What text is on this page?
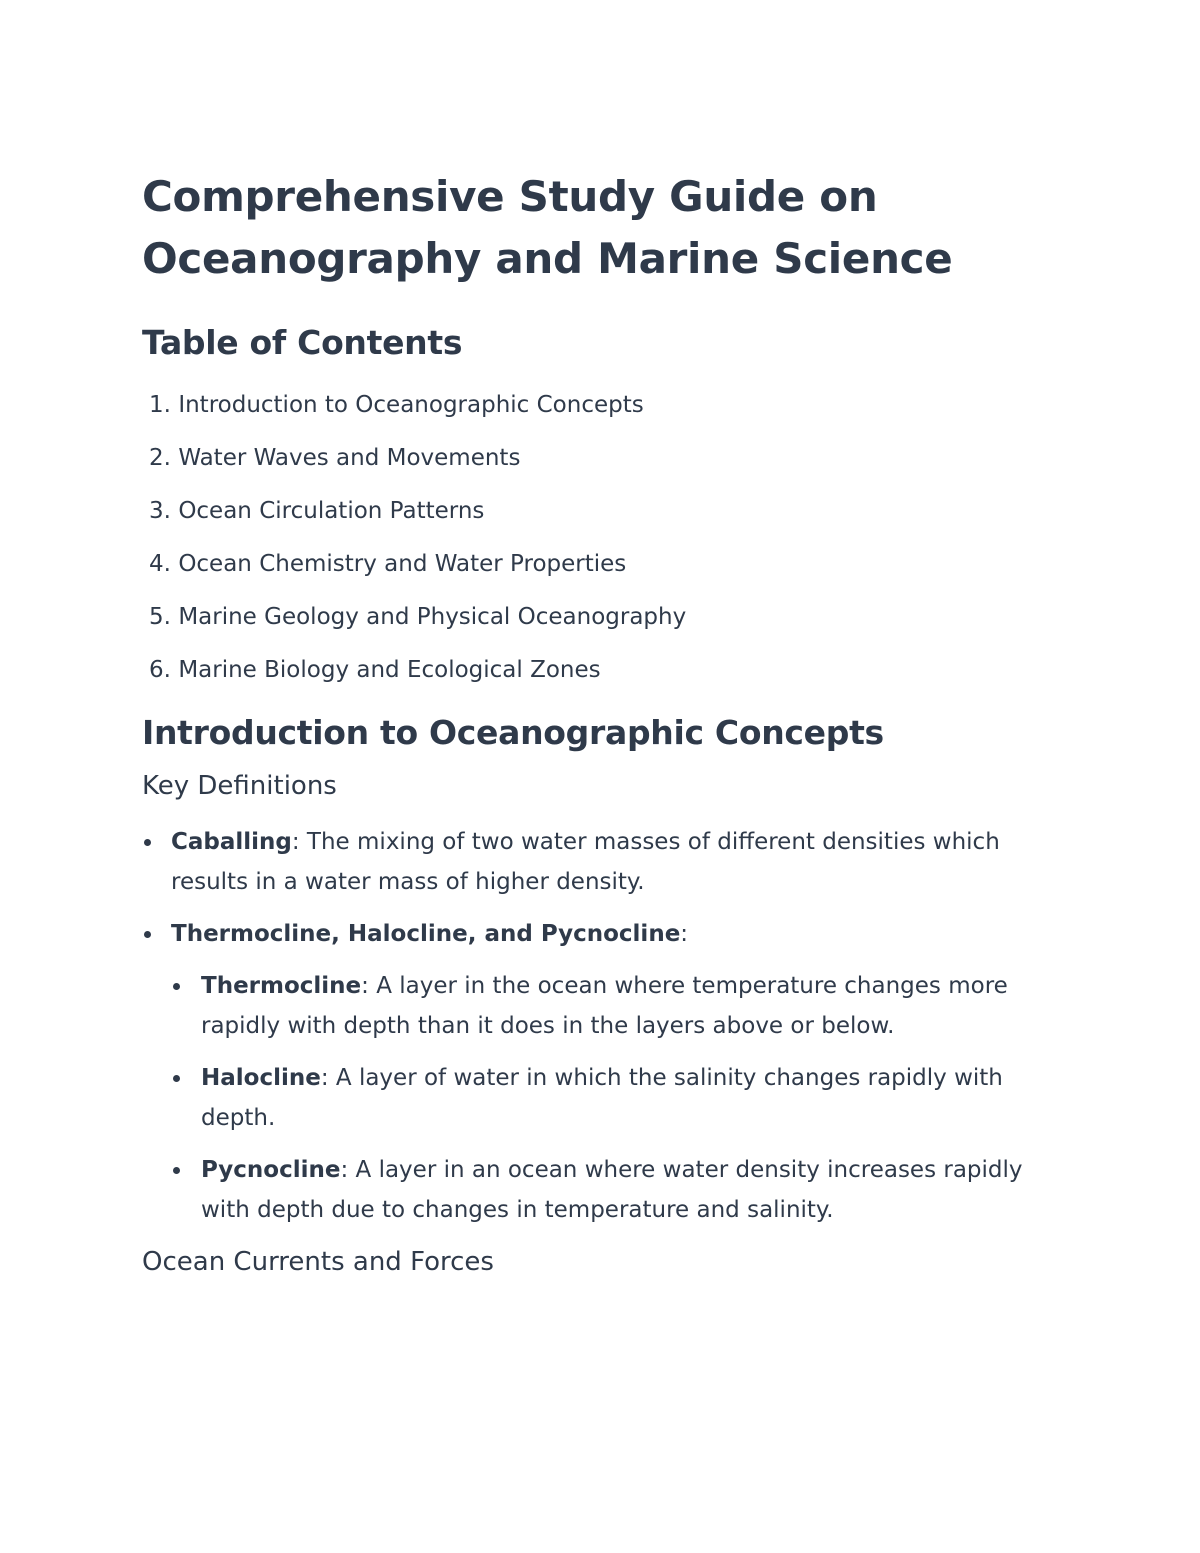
Comprehensive Study Guide on
Oceanography and Marine Science
Table of Contents
1. Introduction to Oceanographic Concepts
2. Water Waves and Movements
3. Ocean Circulation Patterns
4. Ocean Chemistry and Water Properties
5. Marine Geology and Physical Oceanography
6. Marine Biology and Ecological Zones
Introduction to Oceanographic Concepts
Key Definitions
Caballing: The mixing of two water masses of different densities which results in a water mass of higher density.
Thermocline, Halocline, and Pycnocline:
Thermocline: A layer in the ocean where temperature changes more rapidly with depth than it does in the layers above or below.
Halocline: A layer of water in which the salinity changes rapidly with depth.
Pycnocline: A layer in an ocean where water density increases rapidly with depth due to changes in temperature and salinity.
Ocean Currents and Forces
